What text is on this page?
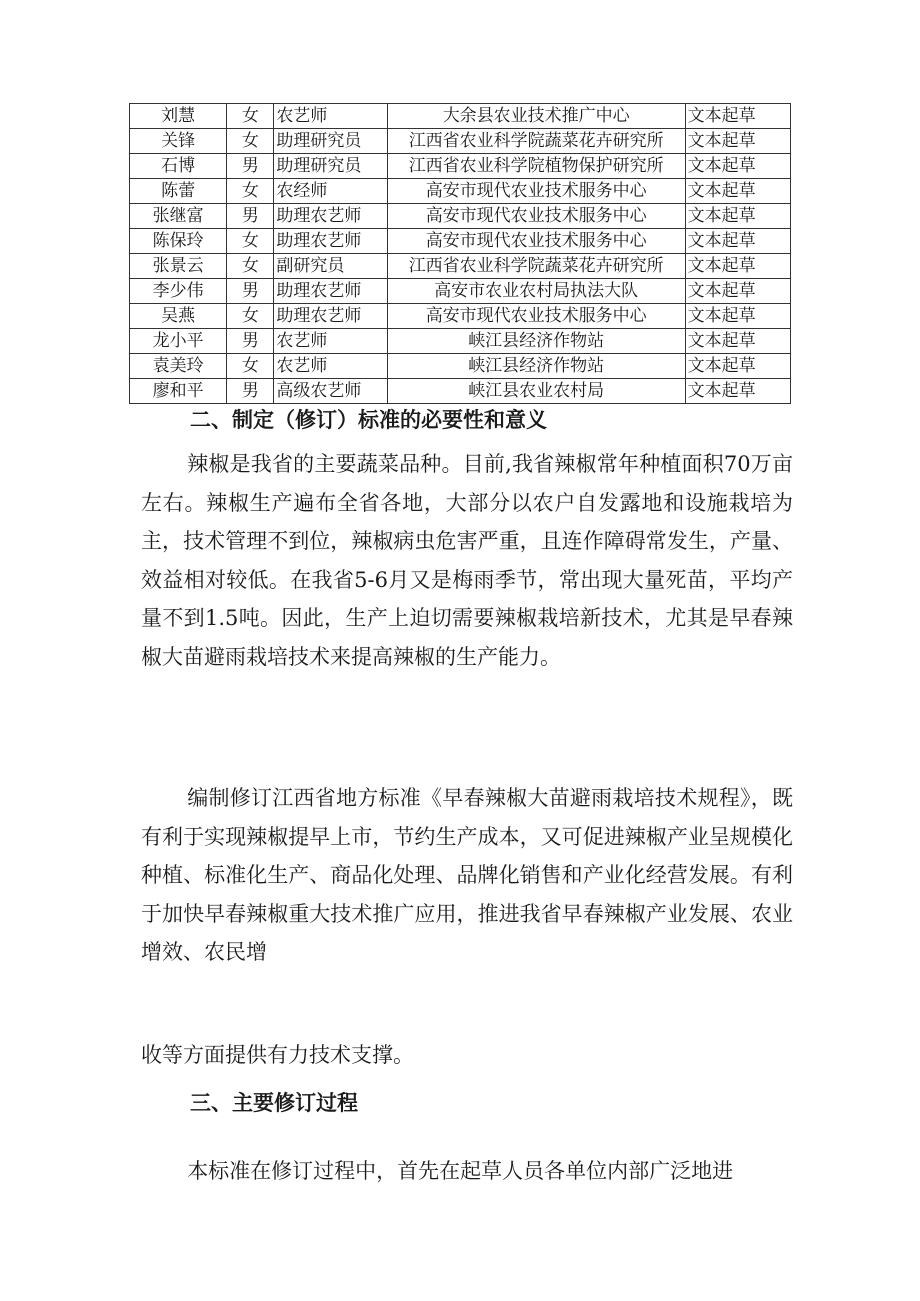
刘慧	女	农艺师	大余县农业技术推广中心	文本起草
关锋	女	助理研究员	江西省农业科学院蔬菜花卉研究所	文本起草
石博	男	助理研究员	江西省农业科学院植物保护研究所	文本起草
陈蕾	女	农经师	高安市现代农业技术服务中心	文本起草
张继富	男	助理农艺师	高安市现代农业技术服务中心	文本起草
陈保玲	女	助理农艺师	高安市现代农业技术服务中心	文本起草
张景云	女	副研究员	江西省农业科学院蔬菜花卉研究所	文本起草
李少伟	男	助理农艺师	高安市农业农村局执法大队	文本起草
吴燕	女	助理农艺师	高安市现代农业技术服务中心	文本起草
龙小平	男	农艺师	峡江县经济作物站	文本起草
袁美玲	女	农艺师	峡江县经济作物站	文本起草
廖和平	男	高级农艺师	峡江县农业农村局	文本起草
二、制定（修订）标准的必要性和意义

辣椒是我省的主要蔬菜品种。目前,我省辣椒常年种植面积70万亩左右。辣椒生产遍布全省各地，大部分以农户自发露地和设施栽培为主，技术管理不到位，辣椒病虫危害严重，且连作障碍常发生，产量、效益相对较低。在我省5-6月又是梅雨季节，常出现大量死苗，平均产量不到1.5吨。因此，生产上迫切需要辣椒栽培新技术，尤其是早春辣椒大苗避雨栽培技术来提高辣椒的生产能力。

编制修订江西省地方标准《早春辣椒大苗避雨栽培技术规程》，既有利于实现辣椒提早上市，节约生产成本，又可促进辣椒产业呈规模化种植、标准化生产、商品化处理、品牌化销售和产业化经营发展。有利于加快早春辣椒重大技术推广应用，推进我省早春辣椒产业发展、农业增效、农民增

收等方面提供有力技术支撑。

三、主要修订过程

本标准在修订过程中，首先在起草人员各单位内部广泛地进
